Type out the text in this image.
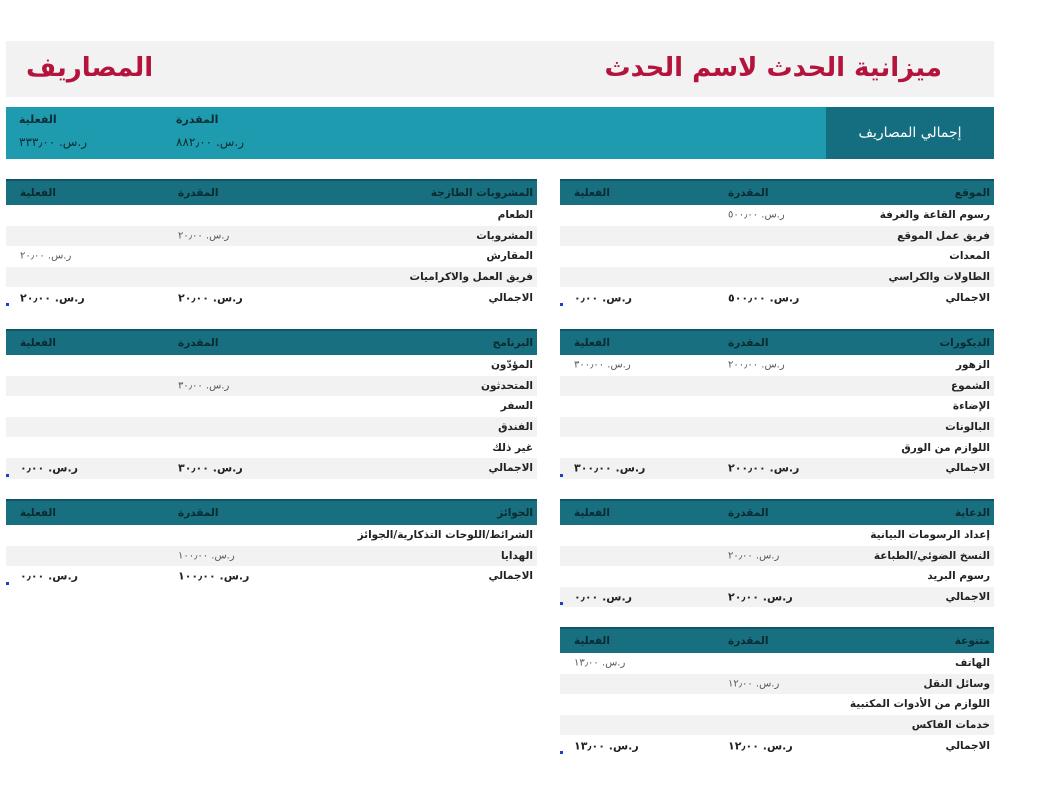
ميزانية الحدث لاسم الحدث
المصاريف
إجمالي المصاريف
المقدرة
ر.س. ٨٨٢٫٠٠
الفعلية
ر.س. ٣٣٣٫٠٠
الموقع
المقدرة
الفعلية
رسوم القاعة والغرفة
ر.س. ٥٠٠٫٠٠
فريق عمل الموقع
المعدات
الطاولات والكراسي
الاجمالي
ر.س. ٥٠٠٫٠٠
ر.س. ٠٫٠٠
المشروبات الطازجة
المقدرة
الفعلية
الطعام
المشروبات
ر.س. ٢٠٫٠٠
المقارش
ر.س. ٢٠٫٠٠
فريق العمل والاكراميات
الاجمالي
ر.س. ٢٠٫٠٠
ر.س. ٢٠٫٠٠
الديكورات
المقدرة
الفعلية
الزهور
ر.س. ٢٠٠٫٠٠
ر.س. ٣٠٠٫٠٠
الشموع
الإضاءة
البالونات
اللوازم من الورق
الاجمالي
ر.س. ٢٠٠٫٠٠
ر.س. ٣٠٠٫٠٠
البرنامج
المقدرة
الفعلية
المؤدّون
المتحدثون
ر.س. ٣٠٫٠٠
السفر
الفندق
غير ذلك
الاجمالي
ر.س. ٣٠٫٠٠
ر.س. ٠٫٠٠
الدعاية
المقدرة
الفعلية
إعداد الرسومات البيانية
النسخ الضوئي/الطباعة
ر.س. ٢٠٫٠٠
رسوم البريد
الاجمالي
ر.س. ٢٠٫٠٠
ر.س. ٠٫٠٠
الجوائز
المقدرة
الفعلية
الشرائط/اللوحات التذكارية/الجوائز
الهدايا
ر.س. ١٠٠٫٠٠
الاجمالي
ر.س. ١٠٠٫٠٠
ر.س. ٠٫٠٠
متنوعة
المقدرة
الفعلية
الهاتف
ر.س. ١٣٫٠٠
وسائل النقل
ر.س. ١٢٫٠٠
اللوازم من الأدوات المكتبية
خدمات الفاكس
الاجمالي
ر.س. ١٢٫٠٠
ر.س. ١٣٫٠٠
